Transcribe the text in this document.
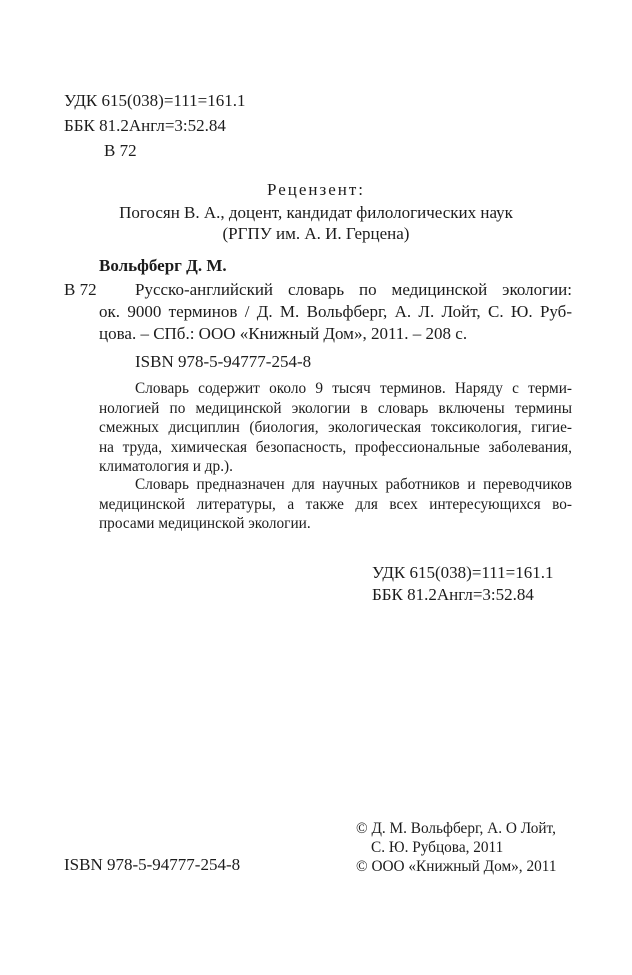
УДК 615(038)=111=161.1
ББК 81.2Англ=3:52.84
В 72
Рецензент:
Погосян В. А., доцент, кандидат филологических наук
(РГПУ им. А. И. Герцена)
Вольфберг Д. М.
В 72 Русско-английский словарь по медицинской экологии:
ок. 9000 терминов / Д. М. Вольфберг, А. Л. Лойт, С. Ю. Руб-
цова. – СПб.: ООО «Книжный Дом», 2011. – 208 с.
ISBN 978-5-94777-254-8
Словарь содержит около 9 тысяч терминов. Наряду с терми-
нологией по медицинской экологии в словарь включены термины
смежных дисциплин (биология, экологическая токсикология, гигие-
на труда, химическая безопасность, профессиональные заболевания,
климатология и др.).
Словарь предназначен для научных работников и переводчиков
медицинской литературы, а также для всех интересующихся во-
просами медицинской экологии.
УДК 615(038)=111=161.1
ББК 81.2Англ=3:52.84
© Д. М. Вольфберг, А. О Лойт,
С. Ю. Рубцова, 2011
ISBN 978-5-94777-254-8	© ООО «Книжный Дом», 2011
